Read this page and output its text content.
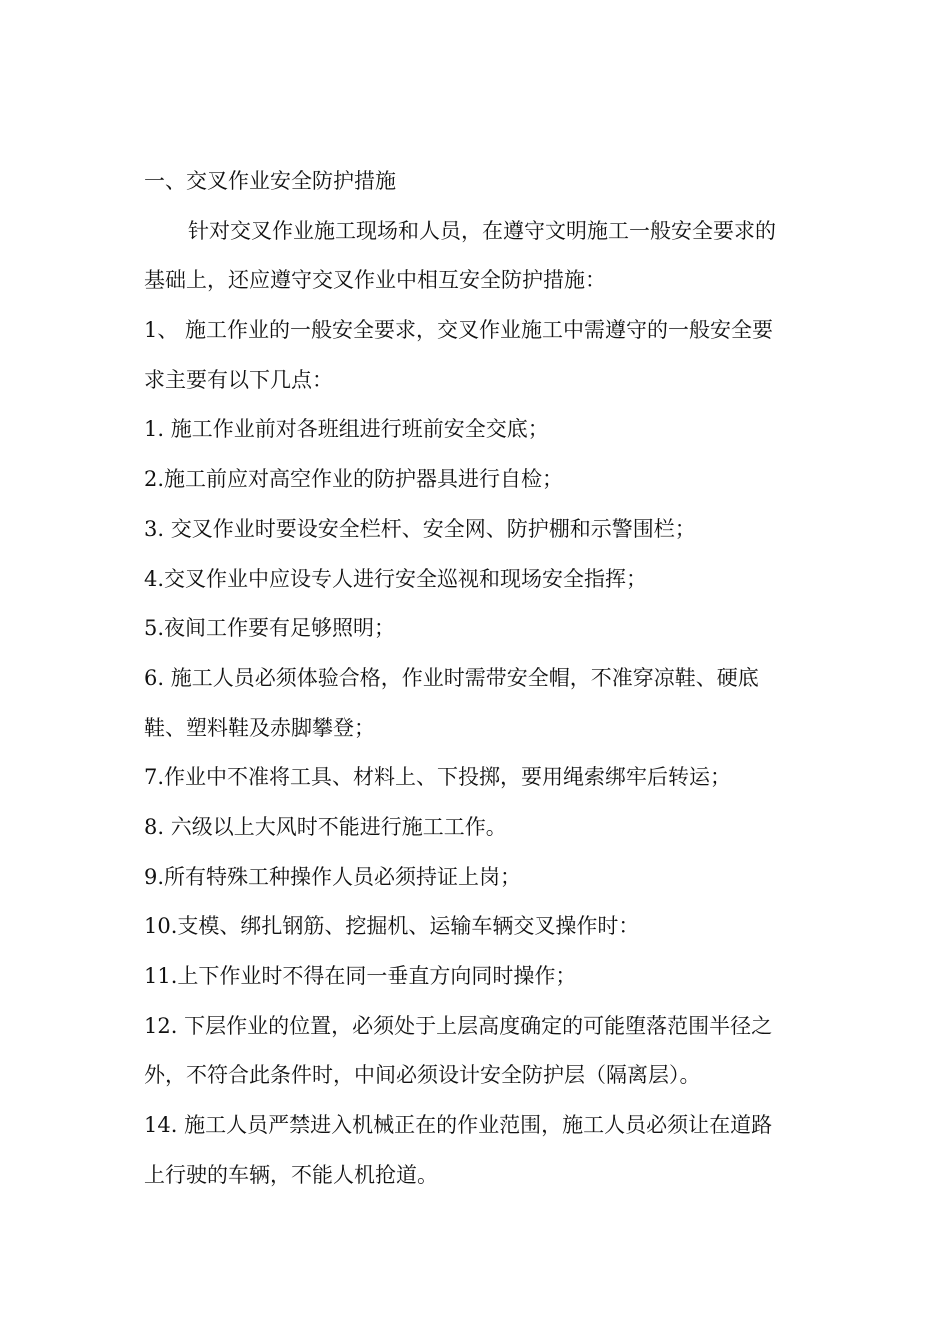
一、交叉作业安全防护措施
针对交叉作业施工现场和人员，在遵守文明施工一般安全要求的
基础上，还应遵守交叉作业中相互安全防护措施：
1、 施工作业的一般安全要求，交叉作业施工中需遵守的一般安全要
求主要有以下几点：
1. 施工作业前对各班组进行班前安全交底；
2.施工前应对高空作业的防护器具进行自检；
3. 交叉作业时要设安全栏杆、安全网、防护棚和示警围栏；
4.交叉作业中应设专人进行安全巡视和现场安全指挥；
5.夜间工作要有足够照明；
6. 施工人员必须体验合格，作业时需带安全帽，不准穿凉鞋、硬底
鞋、塑料鞋及赤脚攀登；
7.作业中不准将工具、材料上、下投掷，要用绳索绑牢后转运；
8. 六级以上大风时不能进行施工工作。
9.所有特殊工种操作人员必须持证上岗；
10.支模、绑扎钢筋、挖掘机、运输车辆交叉操作时：
11.上下作业时不得在同一垂直方向同时操作；
12. 下层作业的位置，必须处于上层高度确定的可能堕落范围半径之
外，不符合此条件时，中间必须设计安全防护层（隔离层）。
14. 施工人员严禁进入机械正在的作业范围，施工人员必须让在道路
上行驶的车辆，不能人机抢道。
